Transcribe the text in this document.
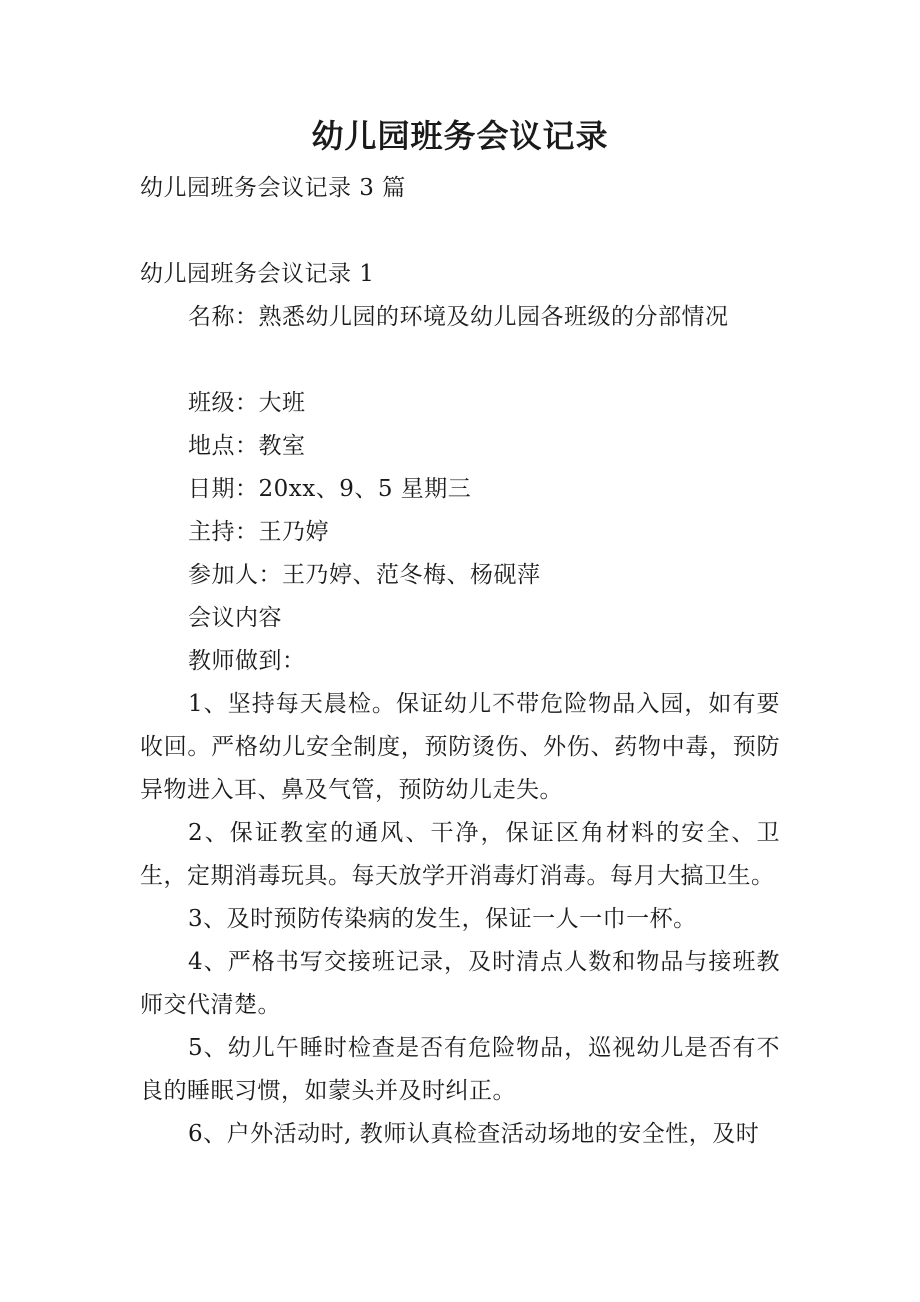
幼儿园班务会议记录

幼儿园班务会议记录 3 篇

幼儿园班务会议记录 1

名称：熟悉幼儿园的环境及幼儿园各班级的分部情况

班级：大班

地点：教室

日期：20xx、9、5 星期三

主持：王乃婷

参加人：王乃婷、范冬梅、杨砚萍

会议内容

教师做到：

1、坚持每天晨检。保证幼儿不带危险物品入园，如有要收回。严格幼儿安全制度，预防烫伤、外伤、药物中毒，预防异物进入耳、鼻及气管，预防幼儿走失。

2、保证教室的通风、干净，保证区角材料的安全、卫生，定期消毒玩具。每天放学开消毒灯消毒。每月大搞卫生。

3、及时预防传染病的发生，保证一人一巾一杯。

4、严格书写交接班记录，及时清点人数和物品与接班教师交代清楚。

5、幼儿午睡时检查是否有危险物品，巡视幼儿是否有不良的睡眠习惯，如蒙头并及时纠正。

6、户外活动时, 教师认真检查活动场地的安全性，及时
